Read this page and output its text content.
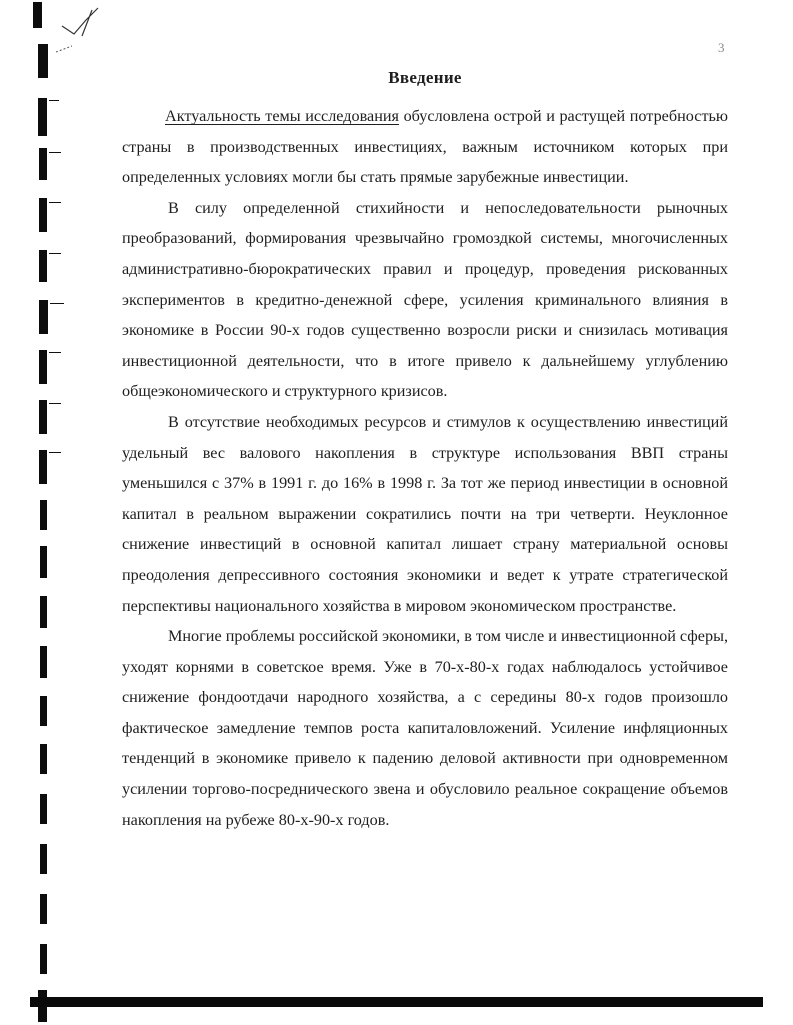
3
Введение

Актуальность темы исследования обусловлена острой и растущей потребностью страны в производственных инвестициях, важным источником которых при определенных условиях могли бы стать прямые зарубежные инвестиции.

В силу определенной стихийности и непоследовательности рыночных преобразований, формирования чрезвычайно громоздкой системы, многочисленных административно-бюрократических правил и процедур, проведения рискованных экспериментов в кредитно-денежной сфере, усиления криминального влияния в экономике в России 90-х годов существенно возросли риски и снизилась мотивация инвестиционной деятельности, что в итоге привело к дальнейшему углублению общеэкономического и структурного кризисов.

В отсутствие необходимых ресурсов и стимулов к осуществлению инвестиций удельный вес валового накопления в структуре использования ВВП страны уменьшился с 37% в 1991 г. до 16% в 1998 г. За тот же период инвестиции в основной капитал в реальном выражении сократились почти на три четверти. Неуклонное снижение инвестиций в основной капитал лишает страну материальной основы преодоления депрессивного состояния экономики и ведет к утрате стратегической перспективы национального хозяйства в мировом экономическом пространстве.

Многие проблемы российской экономики, в том числе и инвестиционной сферы, уходят корнями в советское время. Уже в 70-х-80-х годах наблюдалось устойчивое снижение фондоотдачи народного хозяйства, а с середины 80-х годов произошло фактическое замедление темпов роста капиталовложений. Усиление инфляционных тенденций в экономике привело к падению деловой активности при одновременном усилении торгово-посреднического звена и обусловило реальное сокращение объемов накопления на рубеже 80-х-90-х годов.
